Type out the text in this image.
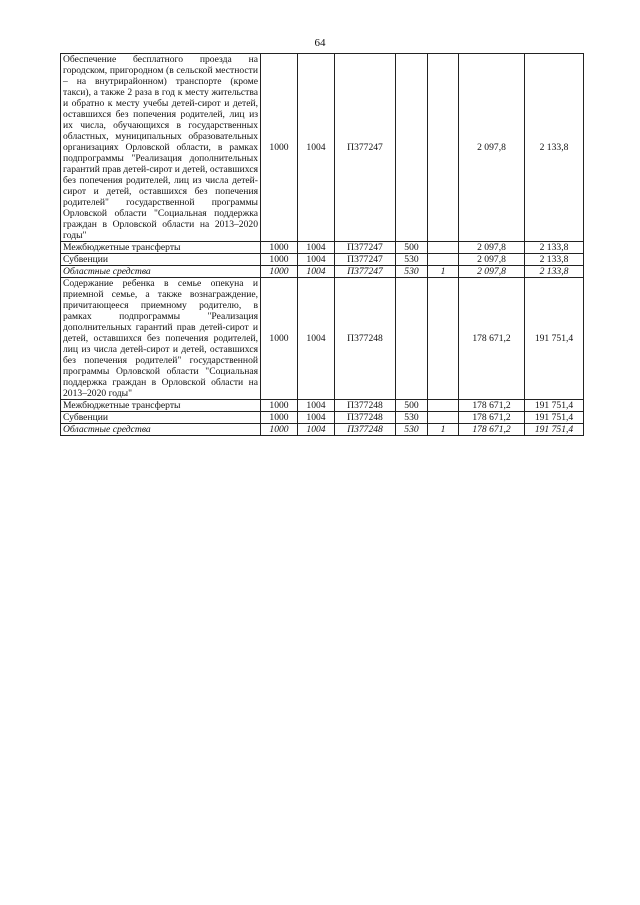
64
Обеспечение бесплатного проезда на городском, пригородном (в сельской местности – на внутрирайонном) транспорте (кроме такси), а также 2 раза в год к месту жительства и обратно к месту учебы детей-сирот и детей, оставшихся без попечения родителей, лиц из их числа, обучающихся в государственных областных, муниципальных образовательных организациях Орловской области, в рамках подпрограммы "Реализация дополнительных гарантий прав детей-сирот и детей, оставшихся без попечения родителей, лиц из числа детей-сирот и детей, оставшихся без попечения родителей" государственной программы Орловской области "Социальная поддержка граждан в Орловской области на 2013–2020 годы"	1000	1004	П377247			2 097,8	2 133,8
Межбюджетные трансферты	1000	1004	П377247	500		2 097,8	2 133,8
Субвенции	1000	1004	П377247	530		2 097,8	2 133,8
Областные средства	1000	1004	П377247	530	1	2 097,8	2 133,8
Содержание ребенка в семье опекуна и приемной семье, а также вознаграждение, причитающееся приемному родителю, в рамках подпрограммы "Реализация дополнительных гарантий прав детей-сирот и детей, оставшихся без попечения родителей, лиц из числа детей-сирот и детей, оставшихся без попечения родителей" государственной программы Орловской области "Социальная поддержка граждан в Орловской области на 2013–2020 годы"	1000	1004	П377248			178 671,2	191 751,4
Межбюджетные трансферты	1000	1004	П377248	500		178 671,2	191 751,4
Субвенции	1000	1004	П377248	530		178 671,2	191 751,4
Областные средства	1000	1004	П377248	530	1	178 671,2	191 751,4
